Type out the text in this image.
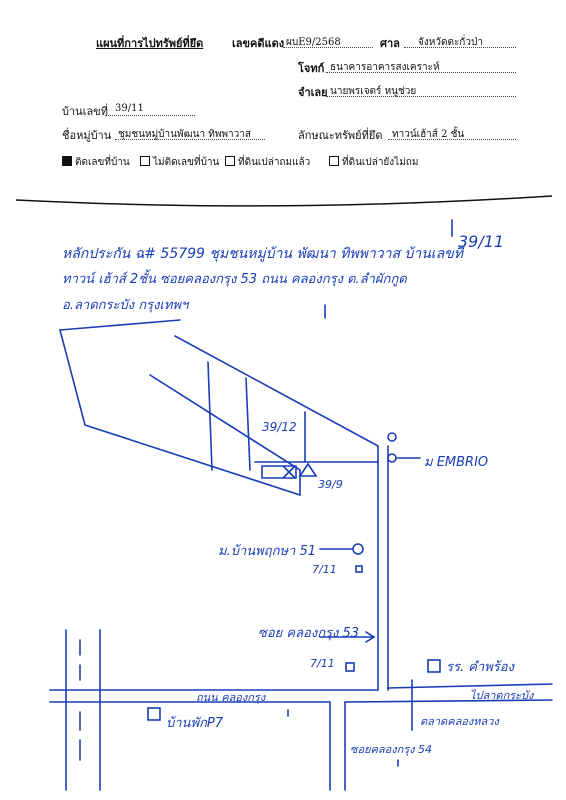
แผนที่การไปทรัพย์ที่ยึด	เลขคดีแดง ผบE9/2568	ศาล จังหวัดตะกั่วป่า
โจทก์ ธนาคารอาคารสงเคราะห์
จำเลย นายพรเจตร์ หนูช่วย
บ้านเลขที่ 39/11
ชื่อหมู่บ้าน ชุมชนหมู่บ้านพัฒนา ทิพพาวาส	ลักษณะทรัพย์ที่ยึด ทาวน์เฮ้าส์ 2 ชั้น
ติดเลขที่บ้าน	ไม่ติดเลขที่บ้าน	ที่ดินเปล่าถมแล้ว	ที่ดินเปล่ายังไม่ถม
หลักประกัน ฉ# 55799 ชุมชนหมู่บ้าน พัฒนา ทิพพาวาส บ้านเลขที่
39/11
ทาวน์ เฮ้าส์ 2ชั้น ซอยคลองกรุง 53 ถนน คลองกรุง ต.ลำผักกูด
อ.ลาดกระบัง กรุงเทพฯ
39/12
39/9
ม EMBRIO
ม.บ้านพฤกษา 51
7/11
ซอย คลองกรุง 53
7/11	รร. คำพร้อง
ไปลาดกระบัง
ถนน คลองกรุง
ตลาดคลองหลวง
บ้านพักP7
ซอยคลองกรุง 54
